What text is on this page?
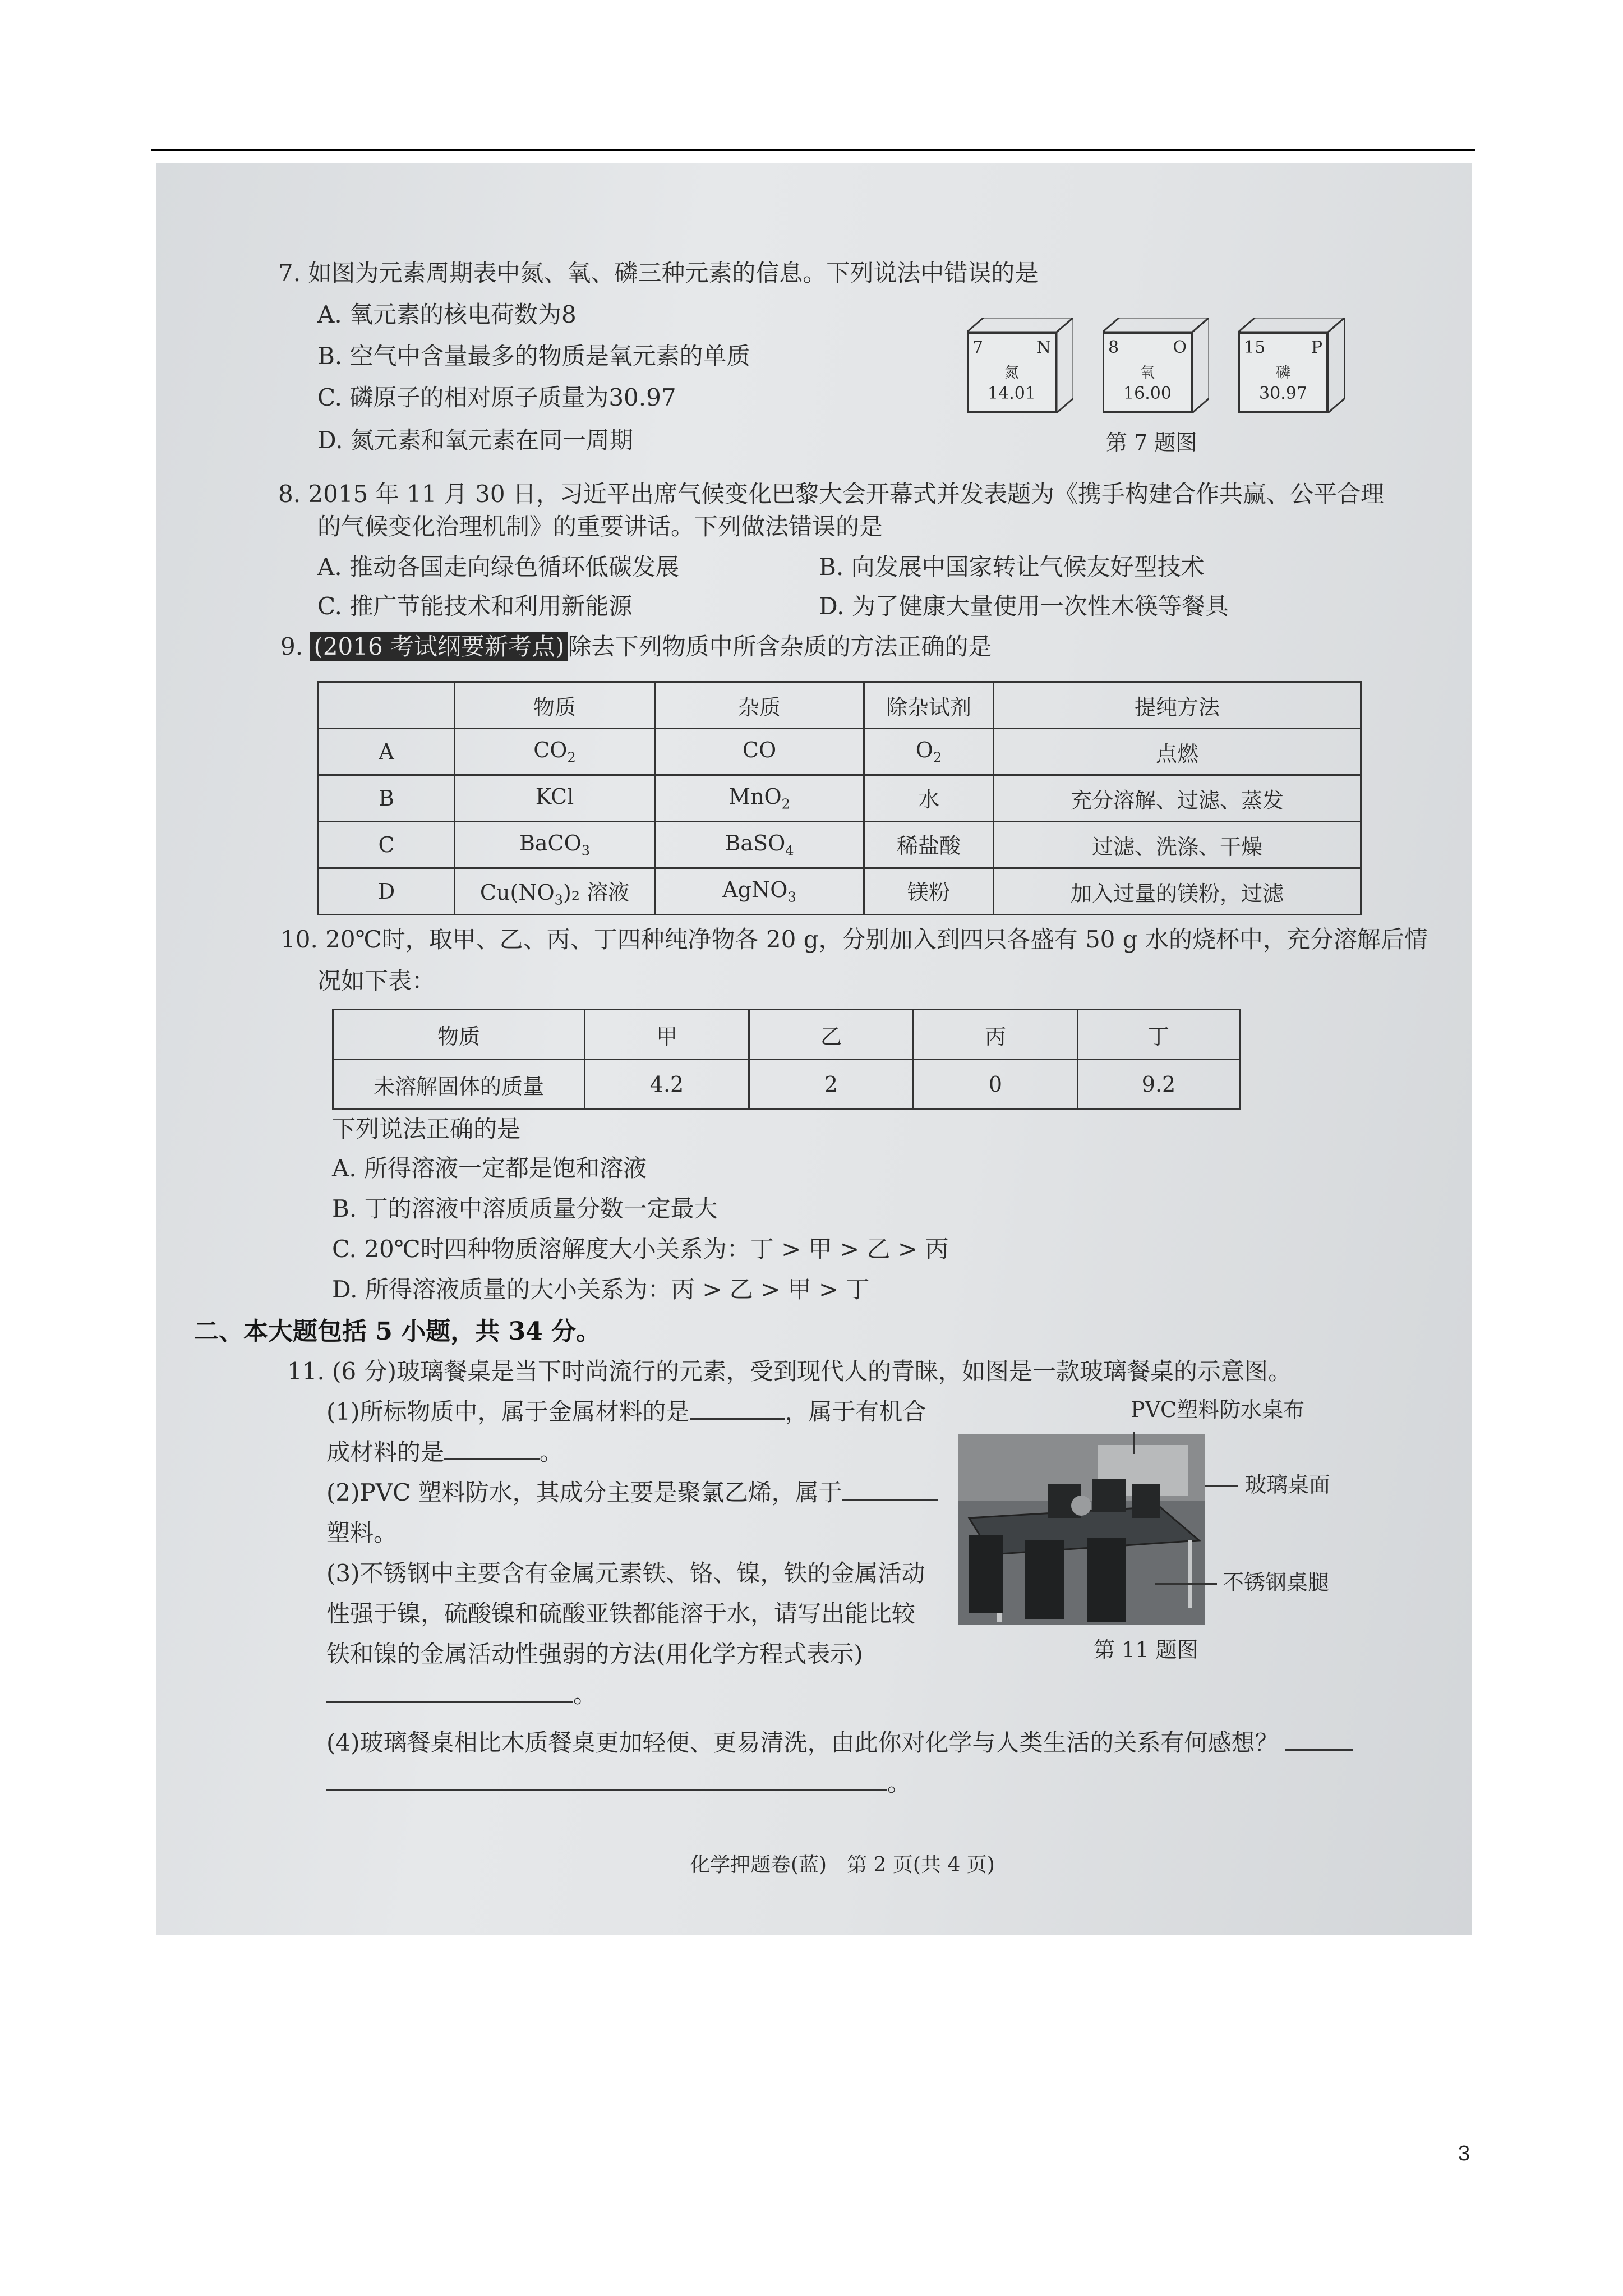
7. 如图为元素周期表中氮、氧、磷三种元素的信息。下列说法中错误的是
A. 氧元素的核电荷数为8
B. 空气中含量最多的物质是氧元素的单质
C. 磷原子的相对原子质量为30.97
D. 氮元素和氧元素在同一周期
7	N
氮
14.01
8	O
氧
16.00
15	P
磷
30.97
第 7 题图
8. 2015 年 11 月 30 日，习近平出席气候变化巴黎大会开幕式并发表题为《携手构建合作共赢、公平合理
的气候变化治理机制》的重要讲话。下列做法错误的是
A. 推动各国走向绿色循环低碳发展	B. 向发展中国家转让气候友好型技术
C. 推广节能技术和利用新能源	D. 为了健康大量使用一次性木筷等餐具
9. (2016 考试纲要新考点) 除去下列物质中所含杂质的方法正确的是
	物质	杂质	除杂试剂	提纯方法
A	$CO_2$	CO	$O_2$	点燃
B	KCl	MnO$_2$	水	充分溶解、过滤、蒸发
C	BaCO$_3$	BaSO$_4$	稀盐酸	过滤、洗涤、干燥
D	$Cu(NO_3)_2$ 溶液	AgNO$_3$	镁粉	加入过量的镁粉，过滤
10. 20℃时，取甲、乙、丙、丁四种纯净物各 20 g，分别加入到四只各盛有 50 g 水的烧杯中，充分溶解后情
况如下表：
物质	甲	乙	丙	丁
未溶解固体的质量	4.2	2	0	9.2
下列说法正确的是
A. 所得溶液一定都是饱和溶液
B. 丁的溶液中溶质质量分数一定最大
C. 20℃时四种物质溶解度大小关系为：丁 > 甲 > 乙 > 丙
D. 所得溶液质量的大小关系为：丙 > 乙 > 甲 > 丁
二、本大题包括 5 小题，共 34 分。
11. (6 分)玻璃餐桌是当下时尚流行的元素，受到现代人的青睐，如图是一款玻璃餐桌的示意图。
(1)所标物质中，属于金属材料的是	，属于有机合
成材料的是	。
(2)PVC 塑料防水，其成分主要是聚氯乙烯，属于
塑料。
(3)不锈钢中主要含有金属元素铁、铬、镍，铁的金属活动
性强于镍，硫酸镍和硫酸亚铁都能溶于水，请写出能比较
铁和镍的金属活动性强弱的方法(用化学方程式表示)
。
(4)玻璃餐桌相比木质餐桌更加轻便、更易清洗，由此你对化学与人类生活的关系有何感想？
。
PVC塑料防水桌布
玻璃桌面
不锈钢桌腿
第 11 题图
化学押题卷(蓝)　第 2 页(共 4 页)
3
